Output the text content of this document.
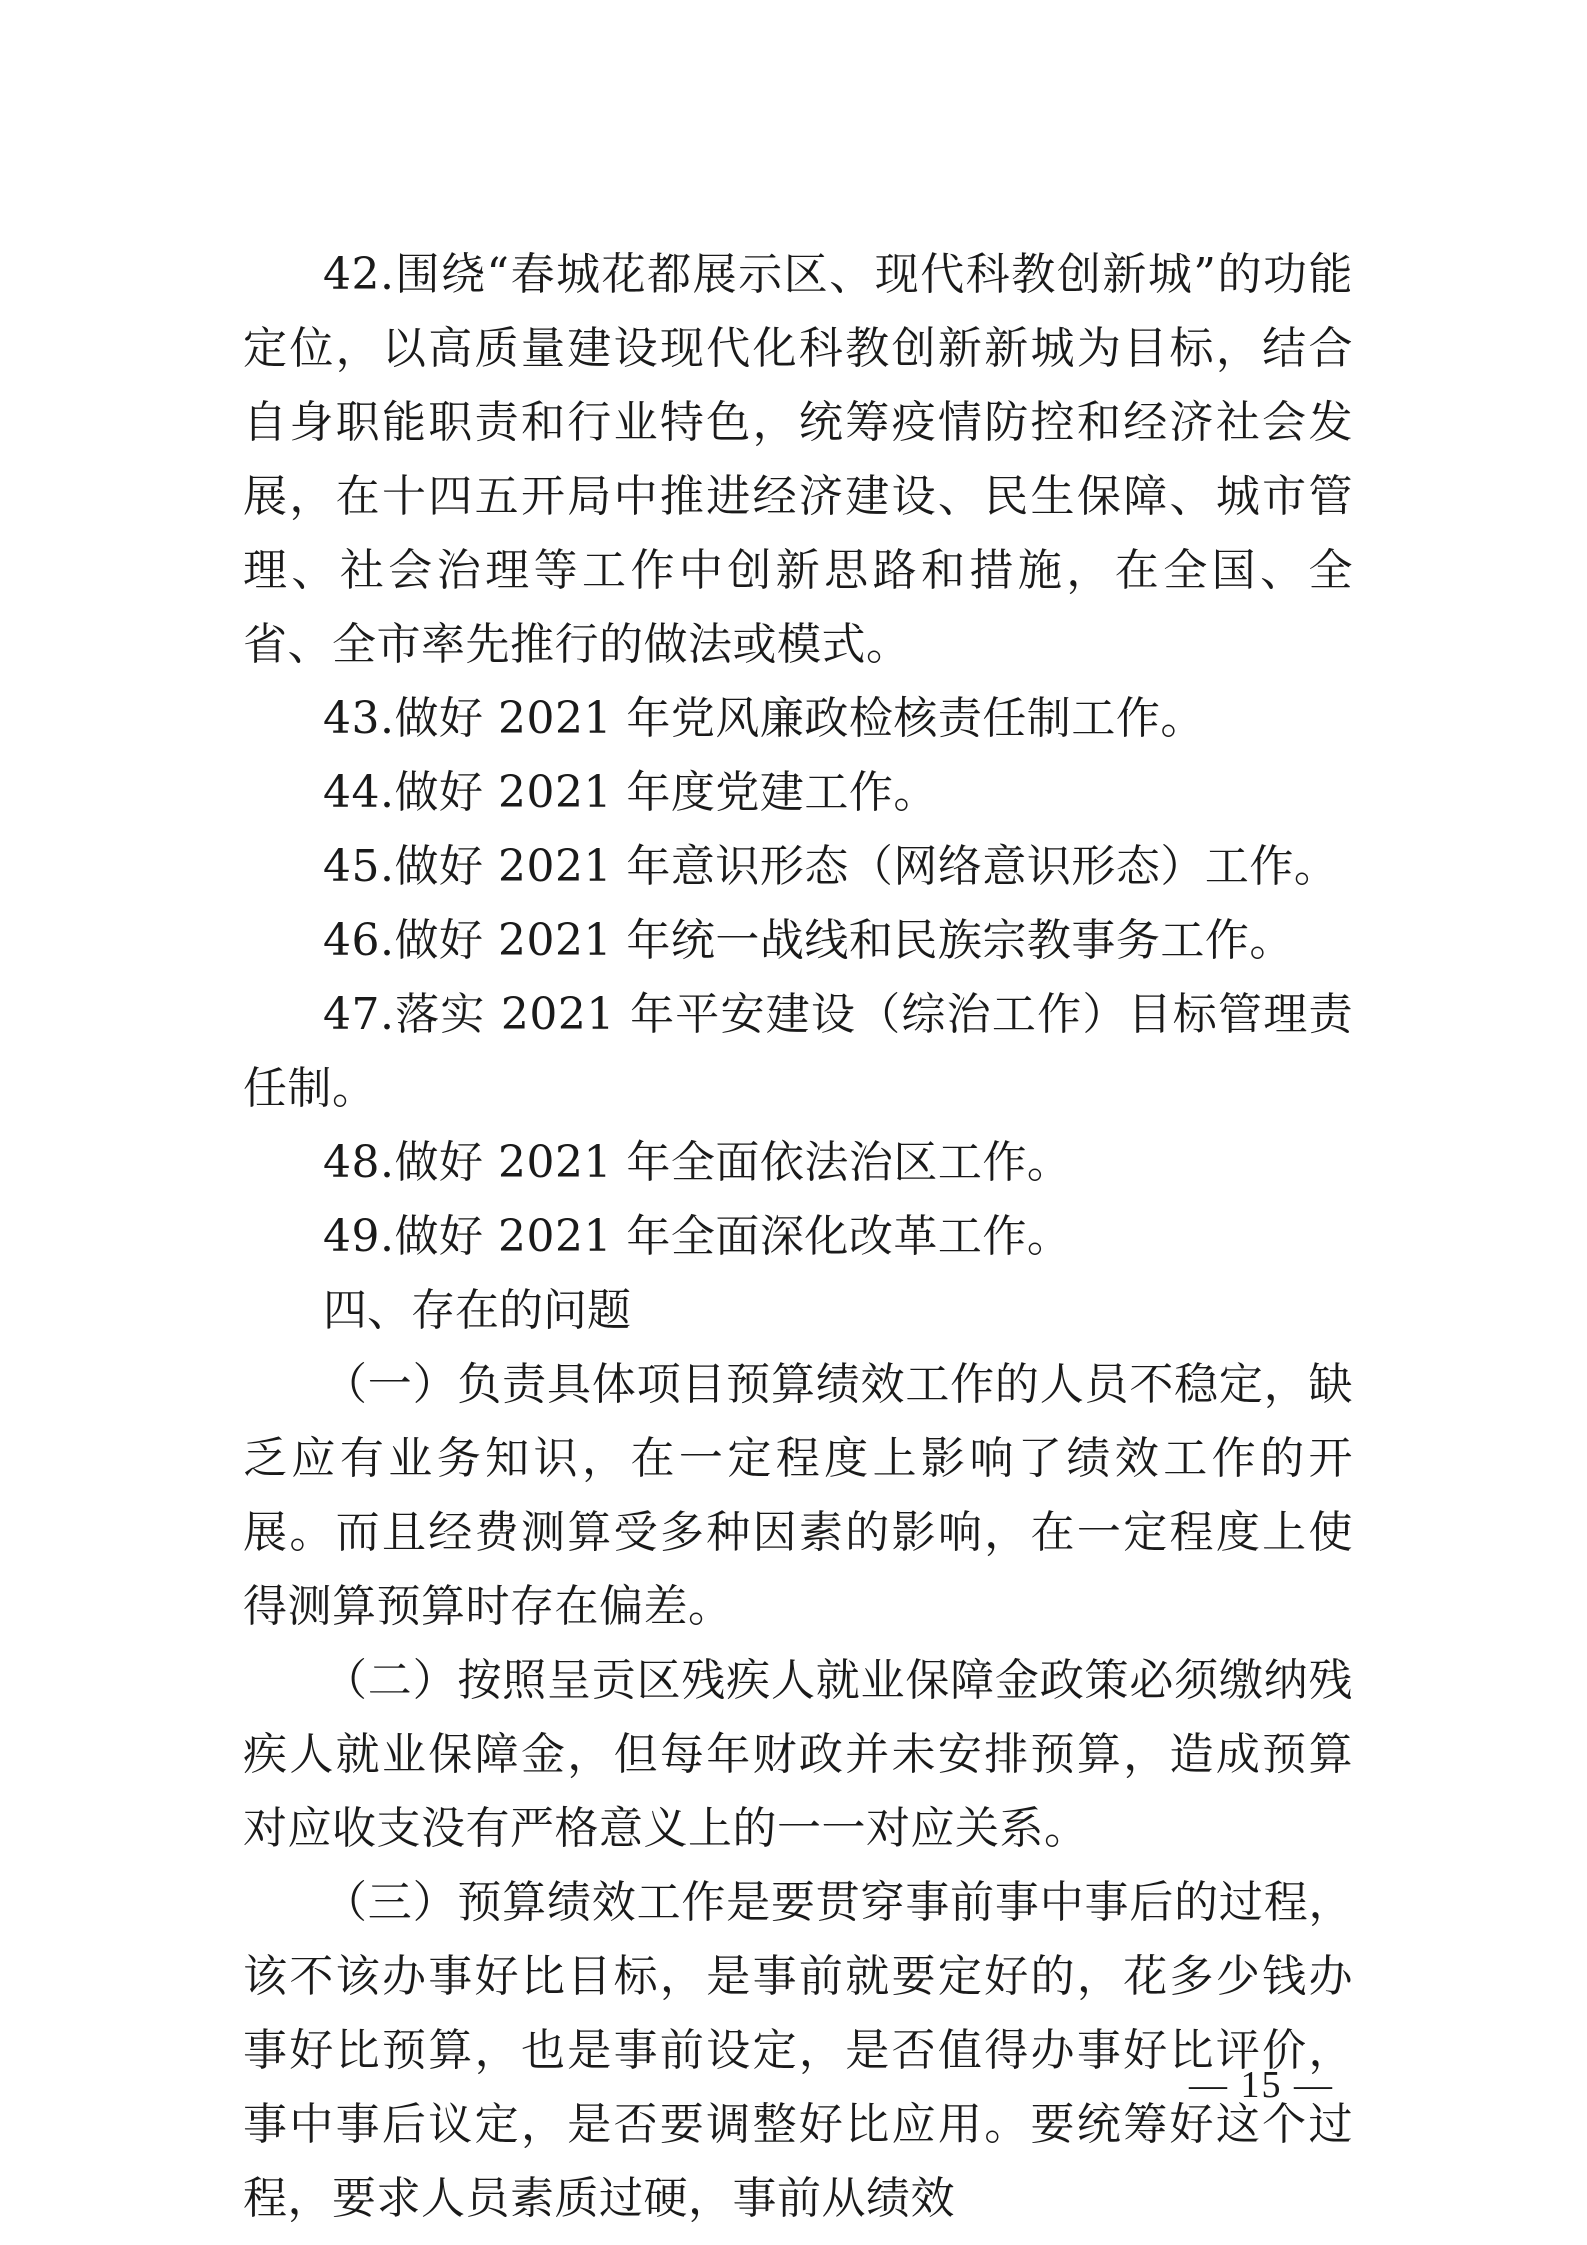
42.围绕“春城花都展示区、现代科教创新城”的功能定位，以高质量建设现代化科教创新新城为目标，结合自身职能职责和行业特色，统筹疫情防控和经济社会发展，在十四五开局中推进经济建设、民生保障、城市管理、社会治理等工作中创新思路和措施，在全国、全省、全市率先推行的做法或模式。

43.做好 2021 年党风廉政检核责任制工作。

44.做好 2021 年度党建工作。

45.做好 2021 年意识形态（网络意识形态）工作。

46.做好 2021 年统一战线和民族宗教事务工作。

47.落实 2021 年平安建设（综治工作）目标管理责任制。

48.做好 2021 年全面依法治区工作。

49.做好 2021 年全面深化改革工作。

四、存在的问题

（一）负责具体项目预算绩效工作的人员不稳定，缺乏应有业务知识，在一定程度上影响了绩效工作的开展。而且经费测算受多种因素的影响，在一定程度上使得测算预算时存在偏差。

（二）按照呈贡区残疾人就业保障金政策必须缴纳残疾人就业保障金，但每年财政并未安排预算，造成预算对应收支没有严格意义上的一一对应关系。

（三）预算绩效工作是要贯穿事前事中事后的过程，该不该办事好比目标，是事前就要定好的，花多少钱办事好比预算，也是事前设定，是否值得办事好比评价，事中事后议定，是否要调整好比应用。要统筹好这个过程，要求人员素质过硬，事前从绩效

— 15 —
